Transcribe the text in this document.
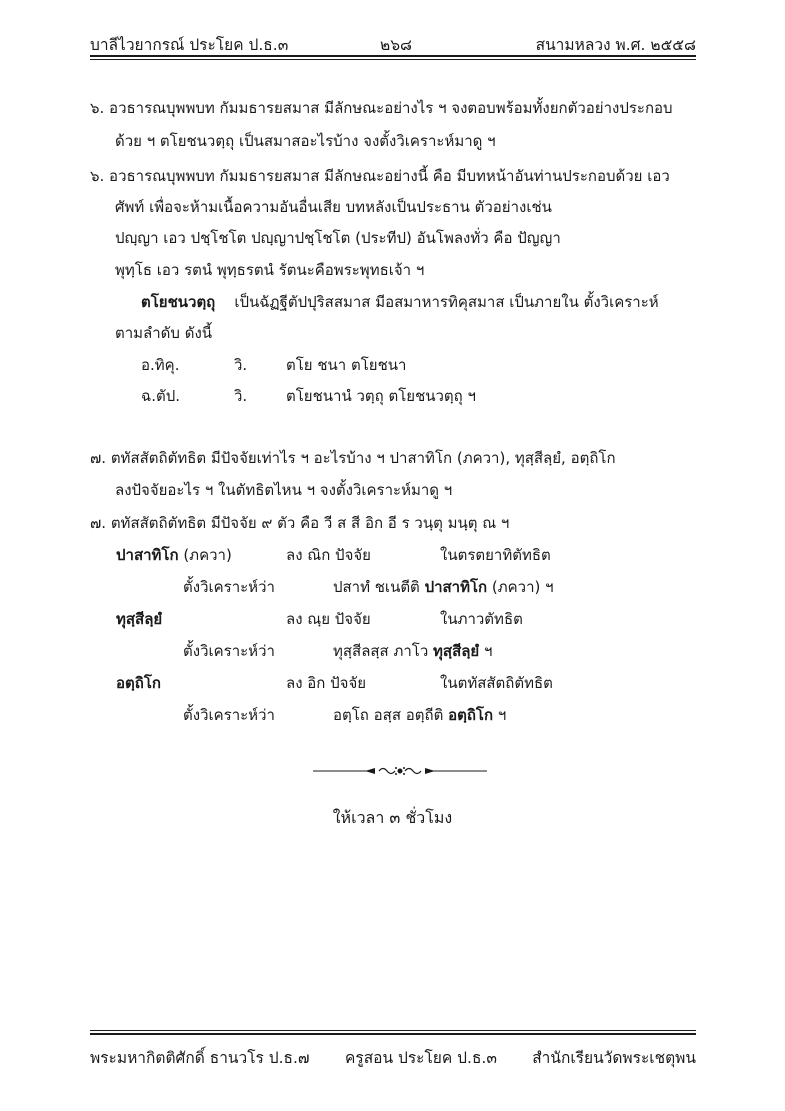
บาลีไวยากรณ์ ประโยค ป.ธ.๓	๒๖๘	สนามหลวง พ.ศ. ๒๕๕๘
๖. อวธารณบุพพบท กัมมธารยสมาส มีลักษณะอย่างไร ฯ จงตอบพร้อมทั้งยกตัวอย่างประกอบ
ด้วย ฯ ตโยชนวตฺถุ เป็นสมาสอะไรบ้าง จงตั้งวิเคราะห์มาดู ฯ
๖. อวธารณบุพพบท กัมมธารยสมาส มีลักษณะอย่างนี้ คือ มีบทหน้าอันท่านประกอบด้วย เอว
ศัพท์ เพื่อจะห้ามเนื้อความอันอื่นเสีย บทหลังเป็นประธาน ตัวอย่างเช่น
ปญฺญา เอว ปชฺโชโต ปญฺญาปชฺโชโต (ประทีป) อันโพลงทั่ว คือ ปัญญา
พุทฺโธ เอว รตนํ พุทฺธรตนํ รัตนะคือพระพุทธเจ้า ฯ
ตโยชนวตฺถุ เป็นฉัฏฐีตัปปุริสสมาส มีอสมาหารทิคุสมาส เป็นภายใน ตั้งวิเคราะห์
ตามลำดับ ดังนี้
อ.ทิคุ.	วิ.	ตโย ชนา ตโยชนา
ฉ.ตัป.	วิ.	ตโยชนานํ วตฺถุ ตโยชนวตฺถุ ฯ
๗. ตทัสสัตถิตัทธิต มีปัจจัยเท่าไร ฯ อะไรบ้าง ฯ ปาสาทิโก (ภควา), ทุสฺสีลฺยํ, อตฺถิโก
ลงปัจจัยอะไร ฯ ในตัทธิตไหน ฯ จงตั้งวิเคราะห์มาดู ฯ
๗. ตทัสสัตถิตัทธิต มีปัจจัย ๙ ตัว คือ วี ส สี อิก อี ร วนฺตุ มนฺตุ ณ ฯ
ปาสาทิโก (ภควา)	ลง ณิก ปัจจัย	ในตรตยาทิตัทธิต
ตั้งวิเคราะห์ว่า	ปสาทํ ชเนตีติ ปาสาทิโก (ภควา) ฯ
ทุสฺสีลฺยํ	ลง ณฺย ปัจจัย	ในภาวตัทธิต
ตั้งวิเคราะห์ว่า	ทุสฺสีลสฺส ภาโว ทุสฺสีลฺยํ ฯ
อตฺถิโก	ลง อิก ปัจจัย	ในตทัสสัตถิตัทธิต
ตั้งวิเคราะห์ว่า	อตฺโถ อสฺส อตฺถีติ อตฺถิโก ฯ
ให้เวลา ๓ ชั่วโมง
พระมหากิตติศักดิ์ ธานวโร ป.ธ.๗ ครูสอน ประโยค ป.ธ.๓ สำนักเรียนวัดพระเชตุพน
